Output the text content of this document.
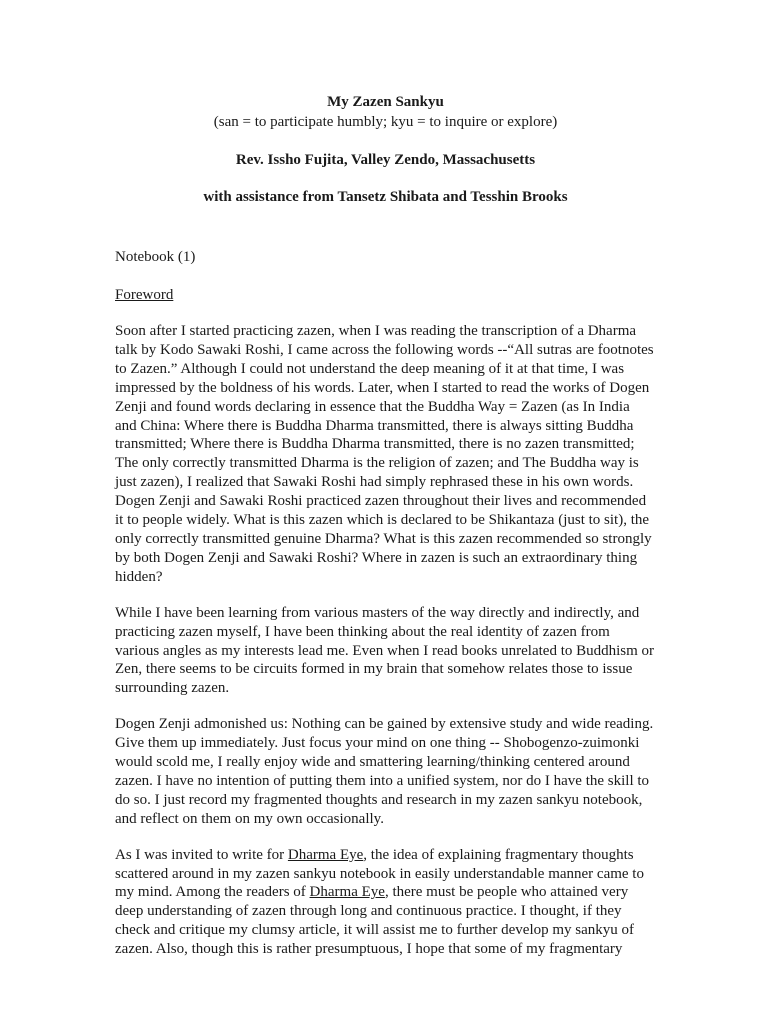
My Zazen Sankyu

(san = to participate humbly; kyu = to inquire or explore)

Rev. Issho Fujita, Valley Zendo, Massachusetts

with assistance from Tansetz Shibata and Tesshin Brooks

Notebook (1)

Foreword

Soon after I started practicing zazen, when I was reading the transcription of a Dharma
talk by Kodo Sawaki Roshi, I came across the following words --“All sutras are footnotes
to Zazen.” Although I could not understand the deep meaning of it at that time, I was
impressed by the boldness of his words. Later, when I started to read the works of Dogen
Zenji and found words declaring in essence that the Buddha Way = Zazen (as In India
and China: Where there is Buddha Dharma transmitted, there is always sitting Buddha
transmitted; Where there is Buddha Dharma transmitted, there is no zazen transmitted;
The only correctly transmitted Dharma is the religion of zazen; and The Buddha way is
just zazen), I realized that Sawaki Roshi had simply rephrased these in his own words.
Dogen Zenji and Sawaki Roshi practiced zazen throughout their lives and recommended
it to people widely. What is this zazen which is declared to be Shikantaza (just to sit), the
only correctly transmitted genuine Dharma? What is this zazen recommended so strongly
by both Dogen Zenji and Sawaki Roshi? Where in zazen is such an extraordinary thing
hidden?

While I have been learning from various masters of the way directly and indirectly, and
practicing zazen myself, I have been thinking about the real identity of zazen from
various angles as my interests lead me. Even when I read books unrelated to Buddhism or
Zen, there seems to be circuits formed in my brain that somehow relates those to issue
surrounding zazen.

Dogen Zenji admonished us: Nothing can be gained by extensive study and wide reading.
Give them up immediately. Just focus your mind on one thing -- Shobogenzo-zuimonki
would scold me, I really enjoy wide and smattering learning/thinking centered around
zazen. I have no intention of putting them into a unified system, nor do I have the skill to
do so. I just record my fragmented thoughts and research in my zazen sankyu notebook,
and reflect on them on my own occasionally.

As I was invited to write for Dharma Eye, the idea of explaining fragmentary thoughts
scattered around in my zazen sankyu notebook in easily understandable manner came to
my mind. Among the readers of Dharma Eye, there must be people who attained very
deep understanding of zazen through long and continuous practice. I thought, if they
check and critique my clumsy article, it will assist me to further develop my sankyu of
zazen. Also, though this is rather presumptuous, I hope that some of my fragmentary
